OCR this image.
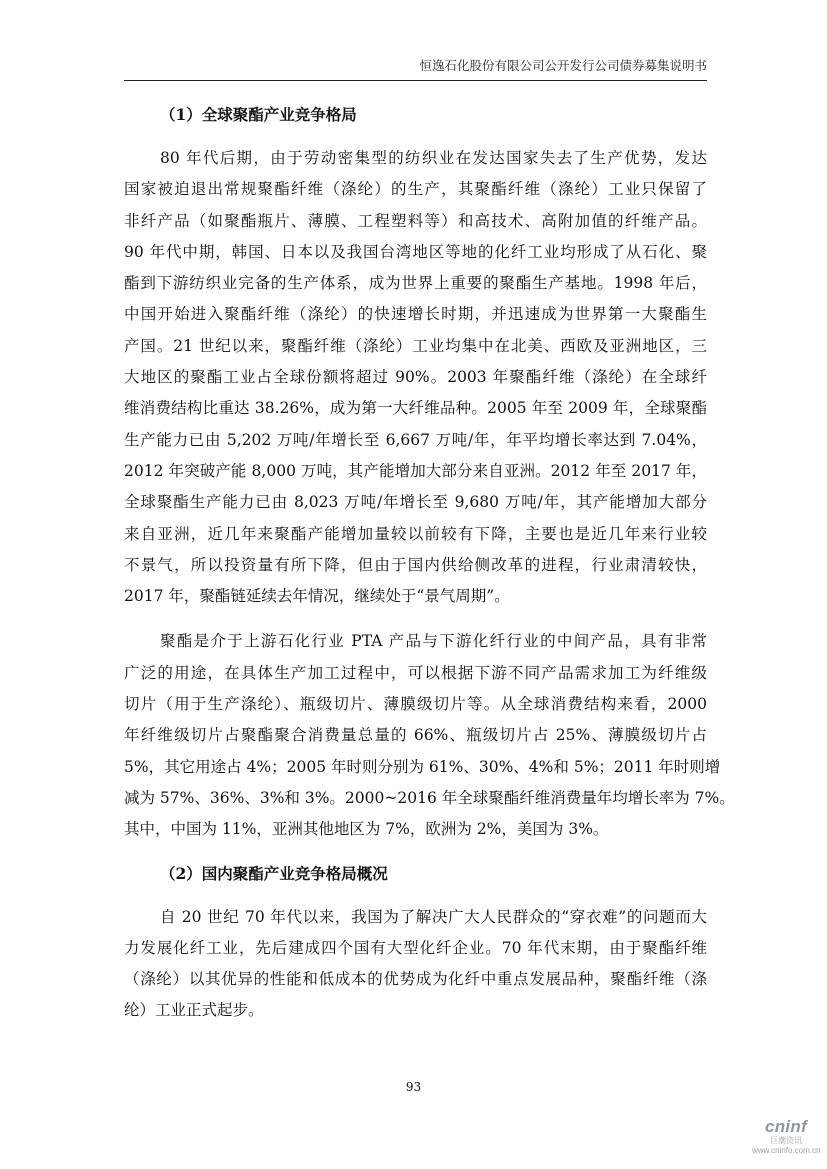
恒逸石化股份有限公司公开发行公司债券募集说明书
（1）全球聚酯产业竞争格局
80 年代后期，由于劳动密集型的纺织业在发达国家失去了生产优势，发达
国家被迫退出常规聚酯纤维（涤纶）的生产，其聚酯纤维（涤纶）工业只保留了
非纤产品（如聚酯瓶片、薄膜、工程塑料等）和高技术、高附加值的纤维产品。
90 年代中期，韩国、日本以及我国台湾地区等地的化纤工业均形成了从石化、聚
酯到下游纺织业完备的生产体系，成为世界上重要的聚酯生产基地。1998 年后，
中国开始进入聚酯纤维（涤纶）的快速增长时期，并迅速成为世界第一大聚酯生
产国。21 世纪以来，聚酯纤维（涤纶）工业均集中在北美、西欧及亚洲地区，三
大地区的聚酯工业占全球份额将超过 90%。2003 年聚酯纤维（涤纶）在全球纤
维消费结构比重达 38.26%，成为第一大纤维品种。2005 年至 2009 年，全球聚酯
生产能力已由 5,202 万吨/年增长至 6,667 万吨/年，年平均增长率达到 7.04%，
2012 年突破产能 8,000 万吨，其产能增加大部分来自亚洲。2012 年至 2017 年，
全球聚酯生产能力已由 8,023 万吨/年增长至 9,680 万吨/年，其产能增加大部分
来自亚洲，近几年来聚酯产能增加量较以前较有下降，主要也是近几年来行业较
不景气，所以投资量有所下降，但由于国内供给侧改革的进程，行业肃清较快，
2017 年，聚酯链延续去年情况，继续处于“景气周期”。
聚酯是介于上游石化行业 PTA 产品与下游化纤行业的中间产品，具有非常
广泛的用途，在具体生产加工过程中，可以根据下游不同产品需求加工为纤维级
切片（用于生产涤纶）、瓶级切片、薄膜级切片等。从全球消费结构来看，2000
年纤维级切片占聚酯聚合消费量总量的 66%、瓶级切片占 25%、薄膜级切片占
5%，其它用途占 4%；2005 年时则分别为 61%、30%、4%和 5%；2011 年时则增
减为 57%、36%、3%和 3%。2000~2016 年全球聚酯纤维消费量年均增长率为 7%。
其中，中国为 11%，亚洲其他地区为 7%，欧洲为 2%，美国为 3%。
（2）国内聚酯产业竞争格局概况
自 20 世纪 70 年代以来，我国为了解决广大人民群众的“穿衣难”的问题而大
力发展化纤工业，先后建成四个国有大型化纤企业。70 年代末期，由于聚酯纤维
（涤纶）以其优异的性能和低成本的优势成为化纤中重点发展品种，聚酯纤维（涤
纶）工业正式起步。
93
cninf
巨潮资讯
www.cninfo.com.cn
